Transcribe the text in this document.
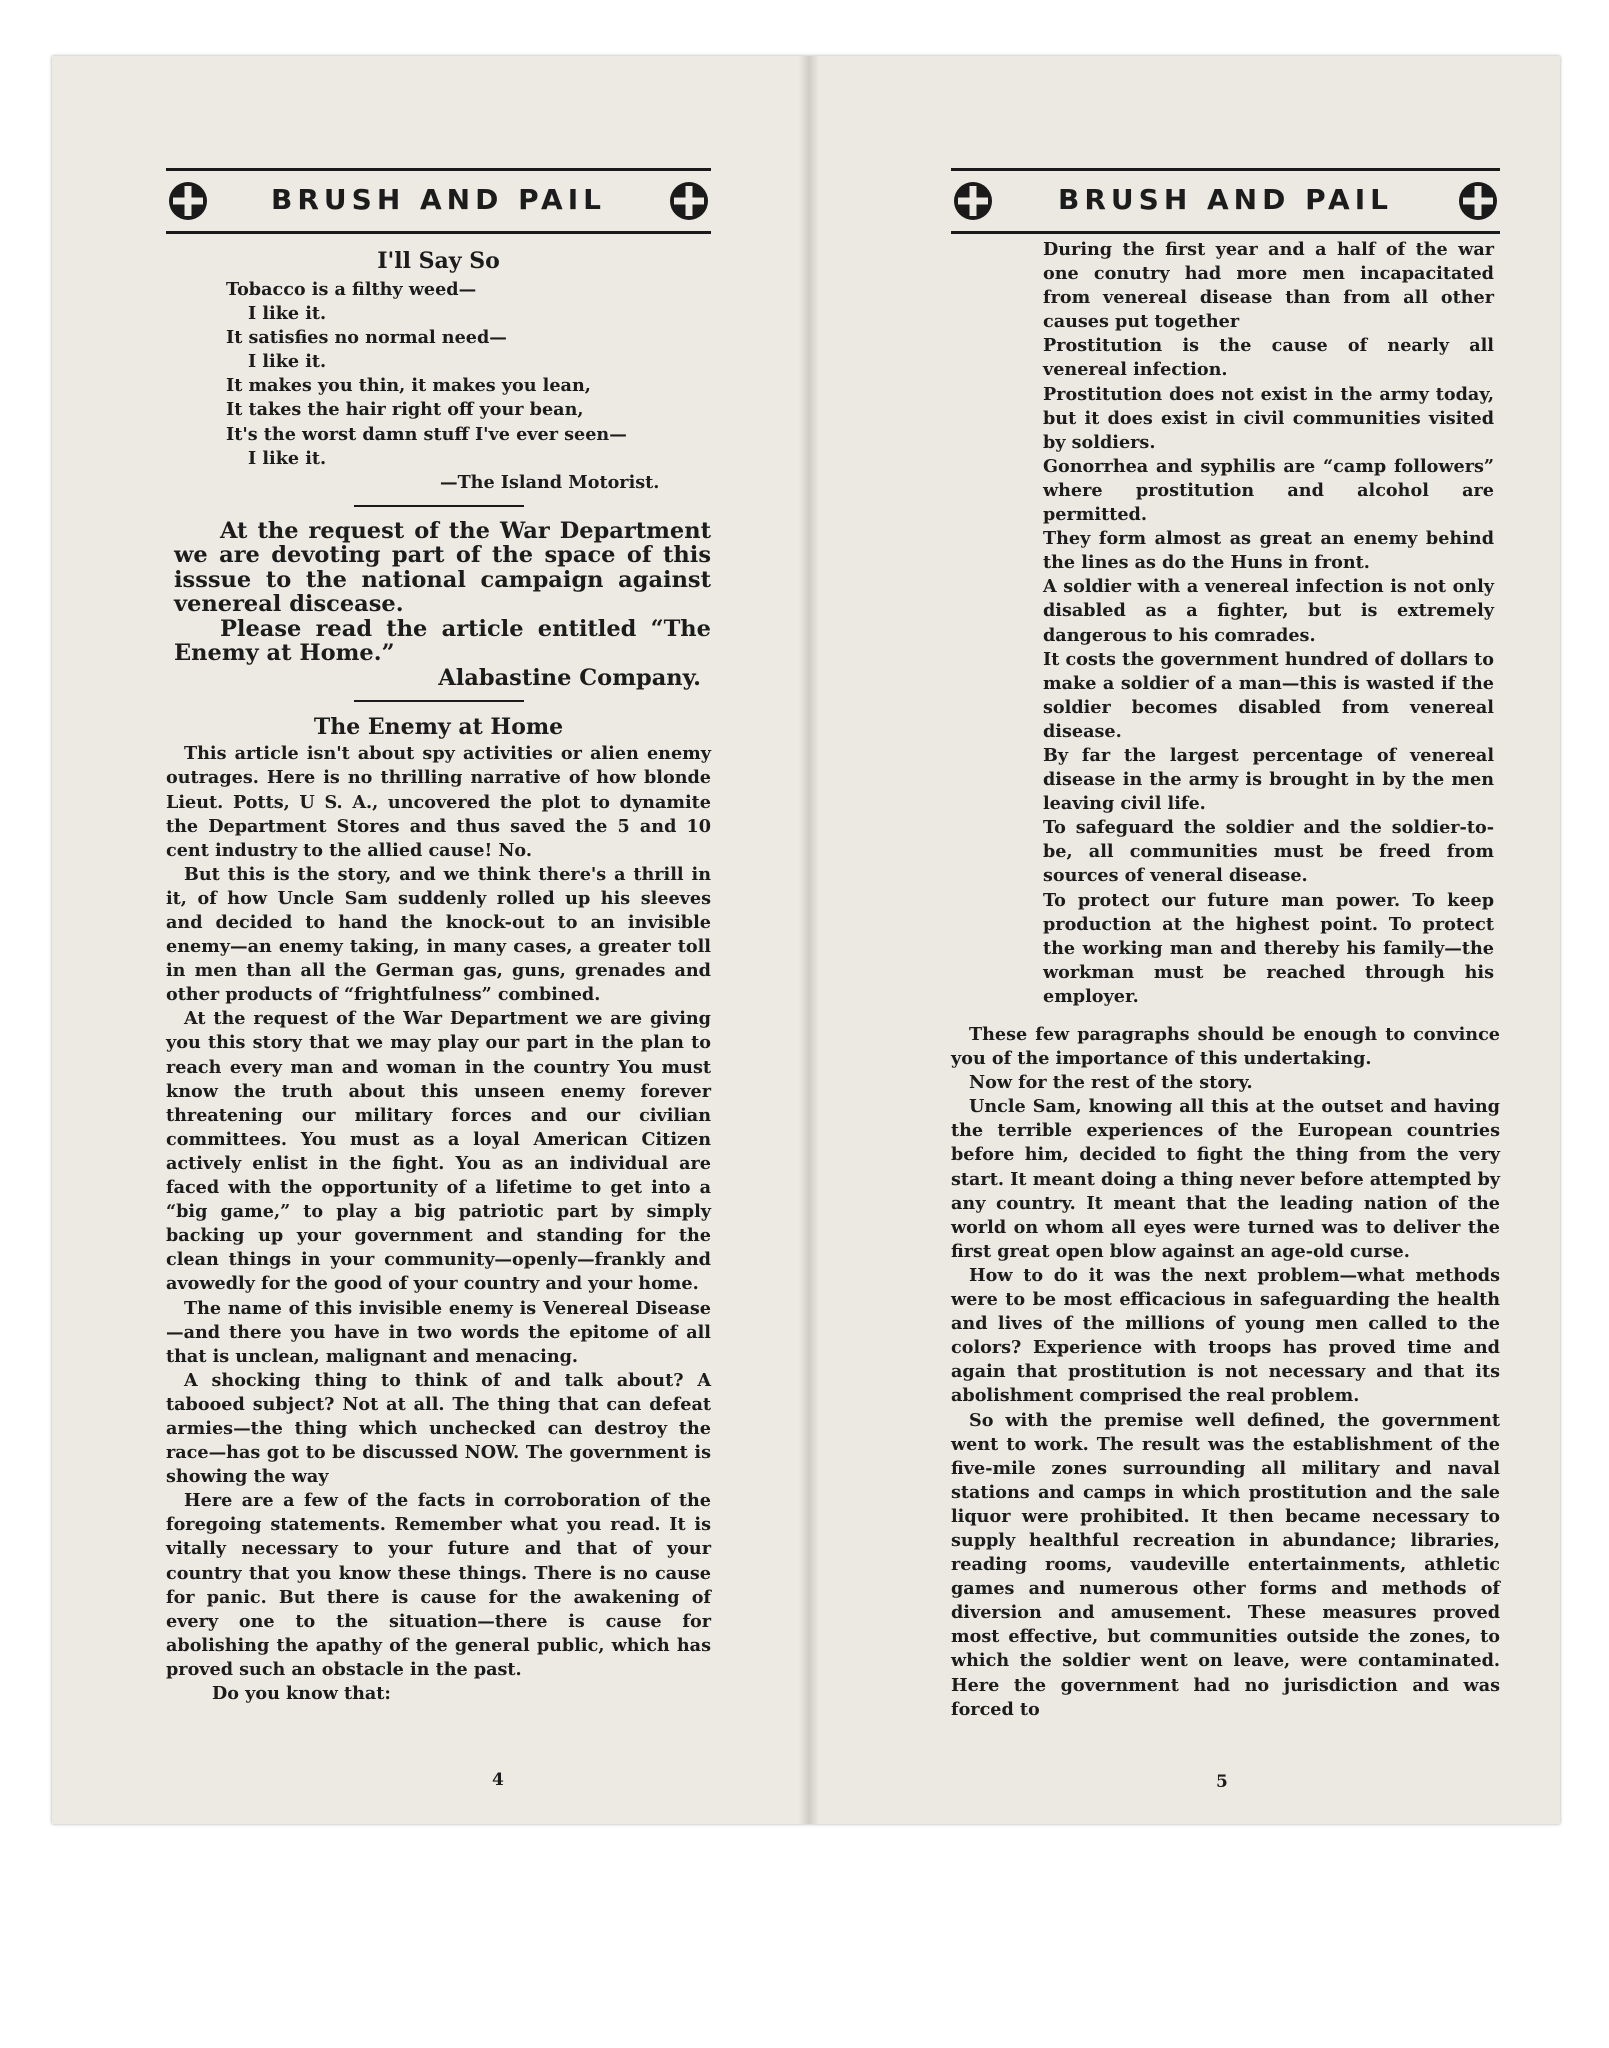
BRUSH AND PAIL
I'll Say So
Tobacco is a filthy weed—
I like it.
It satisfies no normal need—
I like it.
It makes you thin, it makes you lean,
It takes the hair right off your bean,
It's the worst damn stuff I've ever seen—
I like it.
—The Island Motorist.

At the request of the War Department we are devoting part of the space of this isssue to the national campaign against venereal discease.

Please read the article entitled “The Enemy at Home.”

Alabastine Company.

The Enemy at Home

This article isn't about spy activities or alien enemy outrages. Here is no thrilling narrative of how blonde Lieut. Potts, U S. A., uncovered the plot to dynamite the Department Stores and thus saved the 5 and 10 cent industry to the allied cause! No.

But this is the story, and we think there's a thrill in it, of how Uncle Sam suddenly rolled up his sleeves and decided to hand the knock-out to an invisible enemy—an enemy taking, in many cases, a greater toll in men than all the German gas, guns, grenades and other products of “frightfulness” combined.

At the request of the War Department we are giving you this story that we may play our part in the plan to reach every man and woman in the country You must know the truth about this unseen enemy forever threatening our military forces and our civilian committees. You must as a loyal American Citizen actively enlist in the fight. You as an individual are faced with the opportunity of a lifetime to get into a “big game,” to play a big patriotic part by simply backing up your government and standing for the clean things in your community—openly—frankly and avowedly for the good of your country and your home.

The name of this invisible enemy is Venereal Disease —and there you have in two words the epitome of all that is unclean, malignant and menacing.

A shocking thing to think of and talk about? A tabooed subject? Not at all. The thing that can defeat armies—the thing which unchecked can destroy the race—has got to be discussed NOW. The government is showing the way

Here are a few of the facts in corroboration of the foregoing statements. Remember what you read. It is vitally necessary to your future and that of your country that you know these things. There is no cause for panic. But there is cause for the awakening of every one to the situation—there is cause for abolishing the apathy of the general public, which has proved such an obstacle in the past.

Do you know that:

4
BRUSH AND PAIL

During the first year and a half of the war one conutry had more men incapacitated from venereal disease than from all other causes put together

Prostitution is the cause of nearly all venereal infection.

Prostitution does not exist in the army today, but it does exist in civil communities visited by soldiers.

Gonorrhea and syphilis are “camp followers” where prostitution and alcohol are permitted.

They form almost as great an enemy behind the lines as do the Huns in front.

A soldier with a venereal infection is not only disabled as a fighter, but is extremely dangerous to his comrades.

It costs the government hundred of dollars to make a soldier of a man—this is wasted if the soldier becomes disabled from venereal disease.

By far the largest percentage of venereal disease in the army is brought in by the men leaving civil life.

To safeguard the soldier and the soldier-to-be, all communities must be freed from sources of veneral disease.

To protect our future man power. To keep production at the highest point. To protect the working man and thereby his family—the workman must be reached through his employer.

These few paragraphs should be enough to convince you of the importance of this undertaking.

Now for the rest of the story.

Uncle Sam, knowing all this at the outset and having the terrible experiences of the European countries before him, decided to fight the thing from the very start. It meant doing a thing never before attempted by any country. It meant that the leading nation of the world on whom all eyes were turned was to deliver the first great open blow against an age-old curse.

How to do it was the next problem—what methods were to be most efficacious in safeguarding the health and lives of the millions of young men called to the colors? Experience with troops has proved time and again that prostitution is not necessary and that its abolishment comprised the real problem.

So with the premise well defined, the government went to work. The result was the establishment of the five-mile zones surrounding all military and naval stations and camps in which prostitution and the sale liquor were prohibited. It then became necessary to supply healthful recreation in abundance; libraries, reading rooms, vaudeville entertainments, athletic games and numerous other forms and methods of diversion and amusement. These measures proved most effective, but communities outside the zones, to which the soldier went on leave, were contaminated. Here the government had no jurisdiction and was forced to

5
